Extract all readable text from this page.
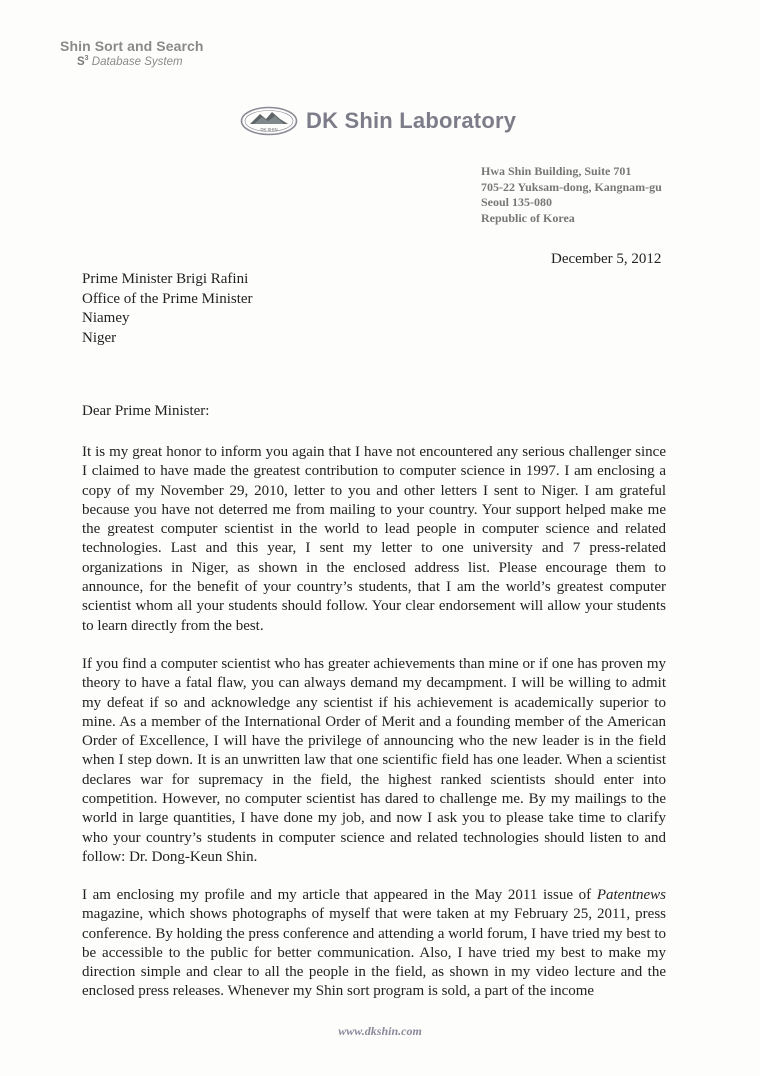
Shin Sort and Search
$S^3$ Database System
DK SHIN DK Shin Laboratory
Hwa Shin Building, Suite 701
705-22 Yuksam-dong, Kangnam-gu
Seoul 135-080
Republic of Korea
December 5, 2012
Prime Minister Brigi Rafini
Office of the Prime Minister
Niamey
Niger
Dear Prime Minister:
It is my great honor to inform you again that I have not encountered any serious challenger since I claimed to have made the greatest contribution to computer science in 1997. I am enclosing a copy of my November 29, 2010, letter to you and other letters I sent to Niger. I am grateful because you have not deterred me from mailing to your country. Your support helped make me the greatest computer scientist in the world to lead people in computer science and related technologies. Last and this year, I sent my letter to one university and 7 press-related organizations in Niger, as shown in the enclosed address list. Please encourage them to announce, for the benefit of your country’s students, that I am the world’s greatest computer scientist whom all your students should follow. Your clear endorsement will allow your students to learn directly from the best.
If you find a computer scientist who has greater achievements than mine or if one has proven my theory to have a fatal flaw, you can always demand my decampment. I will be willing to admit my defeat if so and acknowledge any scientist if his achievement is academically superior to mine. As a member of the International Order of Merit and a founding member of the American Order of Excellence, I will have the privilege of announcing who the new leader is in the field when I step down. It is an unwritten law that one scientific field has one leader. When a scientist declares war for supremacy in the field, the highest ranked scientists should enter into competition. However, no computer scientist has dared to challenge me. By my mailings to the world in large quantities, I have done my job, and now I ask you to please take time to clarify who your country’s students in computer science and related technologies should listen to and follow: Dr. Dong-Keun Shin.
I am enclosing my profile and my article that appeared in the May 2011 issue of Patentnews magazine, which shows photographs of myself that were taken at my February 25, 2011, press conference. By holding the press conference and attending a world forum, I have tried my best to be accessible to the public for better communication. Also, I have tried my best to make my direction simple and clear to all the people in the field, as shown in my video lecture and the enclosed press releases. Whenever my Shin sort program is sold, a part of the income
www.dkshin.com
